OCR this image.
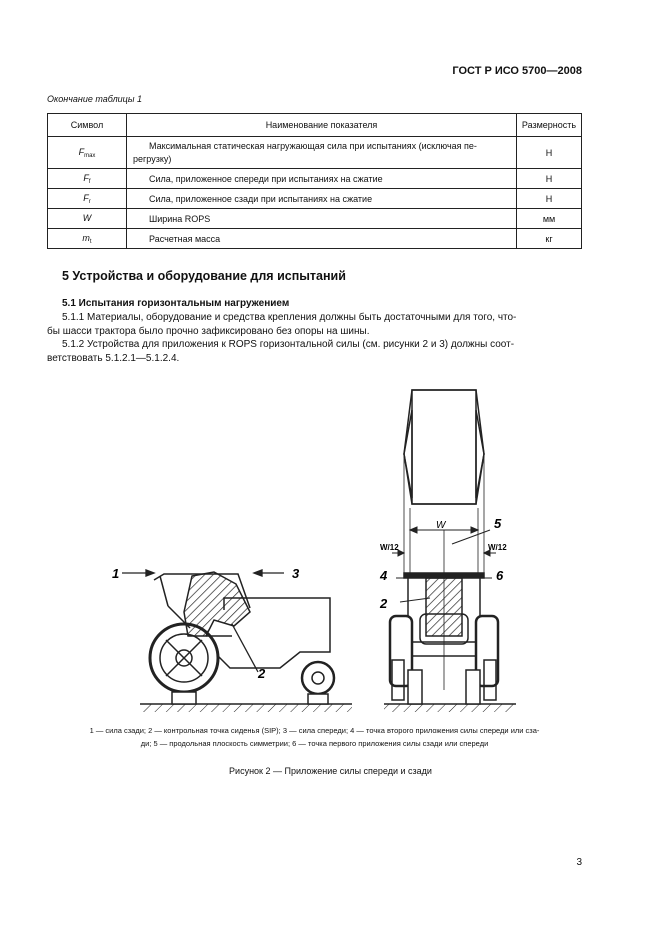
ГОСТ Р ИСО 5700—2008
Окончание таблицы 1
Символ	Наименование показателя	Размерность
$F_{max}$	Максимальная статическая нагружающая сила при испытаниях (исключая пе-
регрузку)	Н
$F_f$	Сила, приложенное спереди при испытаниях на сжатие	Н
$F_r$	Сила, приложенное сзади при испытаниях на сжатие	Н
W	Ширина ROPS	мм
$m_t$	Расчетная масса	кг
5 Устройства и оборудование для испытаний
5.1 Испытания горизонтальным нагружением
5.1.1 Материалы, оборудование и средства крепления должны быть достаточными для того, что-
бы шасси трактора было прочно зафиксировано без опоры на шины.
5.1.2 Устройства для приложения к ROPS горизонтальной силы (см. рисунки 2 и 3) должны соот-
ветствовать 5.1.2.1—5.1.2.4.
1	3
2
W
W/12	W/12
5
4	6
2
1 — сила сзади; 2 — контрольная точка сиденья (SIP); 3 — сила спереди; 4 — точка второго приложения силы спереди или сза-
ди; 5 — продольная плоскость симметрии; 6 — точка первого приложения силы сзади или спереди
Рисунок 2 — Приложение силы спереди и сзади
3
